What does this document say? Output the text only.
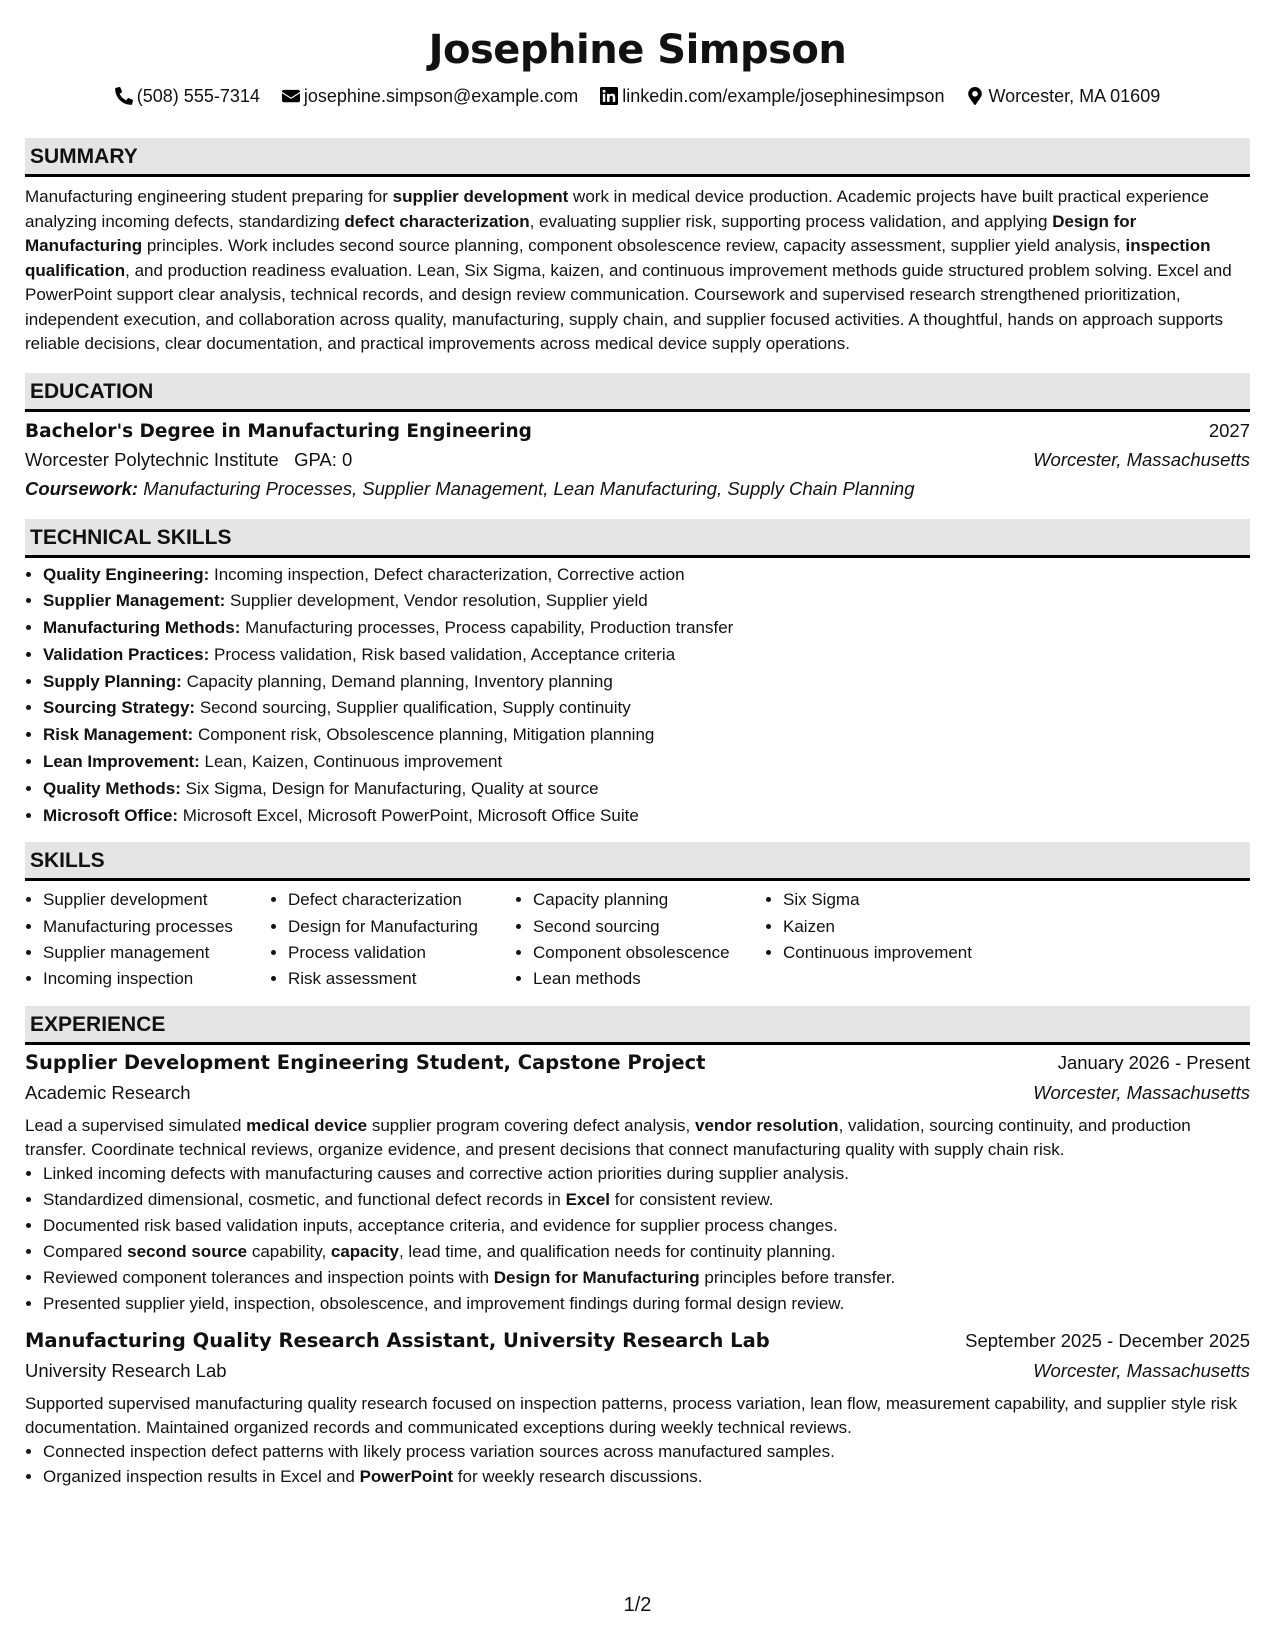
Josephine Simpson
(508) 555-7314 josephine.simpson@example.com linkedin.com/example/josephinesimpson Worcester, MA 01609
SUMMARY
Manufacturing engineering student preparing for supplier development work in medical device production. Academic projects have built practical experience analyzing incoming defects, standardizing defect characterization, evaluating supplier risk, supporting process validation, and applying Design for Manufacturing principles. Work includes second source planning, component obsolescence review, capacity assessment, supplier yield analysis, inspection qualification, and production readiness evaluation. Lean, Six Sigma, kaizen, and continuous improvement methods guide structured problem solving. Excel and PowerPoint support clear analysis, technical records, and design review communication. Coursework and supervised research strengthened prioritization, independent execution, and collaboration across quality, manufacturing, supply chain, and supplier focused activities. A thoughtful, hands on approach supports reliable decisions, clear documentation, and practical improvements across medical device supply operations.
EDUCATION
Bachelor's Degree in Manufacturing Engineering	2027
Worcester Polytechnic Institute GPA: 0	Worcester, Massachusetts
Coursework: Manufacturing Processes, Supplier Management, Lean Manufacturing, Supply Chain Planning
TECHNICAL SKILLS
• Quality Engineering: Incoming inspection, Defect characterization, Corrective action
• Supplier Management: Supplier development, Vendor resolution, Supplier yield
• Manufacturing Methods: Manufacturing processes, Process capability, Production transfer
• Validation Practices: Process validation, Risk based validation, Acceptance criteria
• Supply Planning: Capacity planning, Demand planning, Inventory planning
• Sourcing Strategy: Second sourcing, Supplier qualification, Supply continuity
• Risk Management: Component risk, Obsolescence planning, Mitigation planning
• Lean Improvement: Lean, Kaizen, Continuous improvement
• Quality Methods: Six Sigma, Design for Manufacturing, Quality at source
• Microsoft Office: Microsoft Excel, Microsoft PowerPoint, Microsoft Office Suite
SKILLS
• Supplier development
• Manufacturing processes
• Supplier management
• Incoming inspection
• Defect characterization
• Design for Manufacturing
• Process validation
• Risk assessment
• Capacity planning
• Second sourcing
• Component obsolescence
• Lean methods
• Six Sigma
• Kaizen
• Continuous improvement
EXPERIENCE
Supplier Development Engineering Student, Capstone Project	January 2026 - Present
Academic Research	Worcester, Massachusetts
Lead a supervised simulated medical device supplier program covering defect analysis, vendor resolution, validation, sourcing continuity, and production transfer. Coordinate technical reviews, organize evidence, and present decisions that connect manufacturing quality with supply chain risk.
• Linked incoming defects with manufacturing causes and corrective action priorities during supplier analysis.
• Standardized dimensional, cosmetic, and functional defect records in Excel for consistent review.
• Documented risk based validation inputs, acceptance criteria, and evidence for supplier process changes.
• Compared second source capability, capacity, lead time, and qualification needs for continuity planning.
• Reviewed component tolerances and inspection points with Design for Manufacturing principles before transfer.
• Presented supplier yield, inspection, obsolescence, and improvement findings during formal design review.
Manufacturing Quality Research Assistant, University Research Lab	September 2025 - December 2025
University Research Lab	Worcester, Massachusetts
Supported supervised manufacturing quality research focused on inspection patterns, process variation, lean flow, measurement capability, and supplier style risk documentation. Maintained organized records and communicated exceptions during weekly technical reviews.
• Connected inspection defect patterns with likely process variation sources across manufactured samples.
• Organized inspection results in Excel and PowerPoint for weekly research discussions.
1/2
